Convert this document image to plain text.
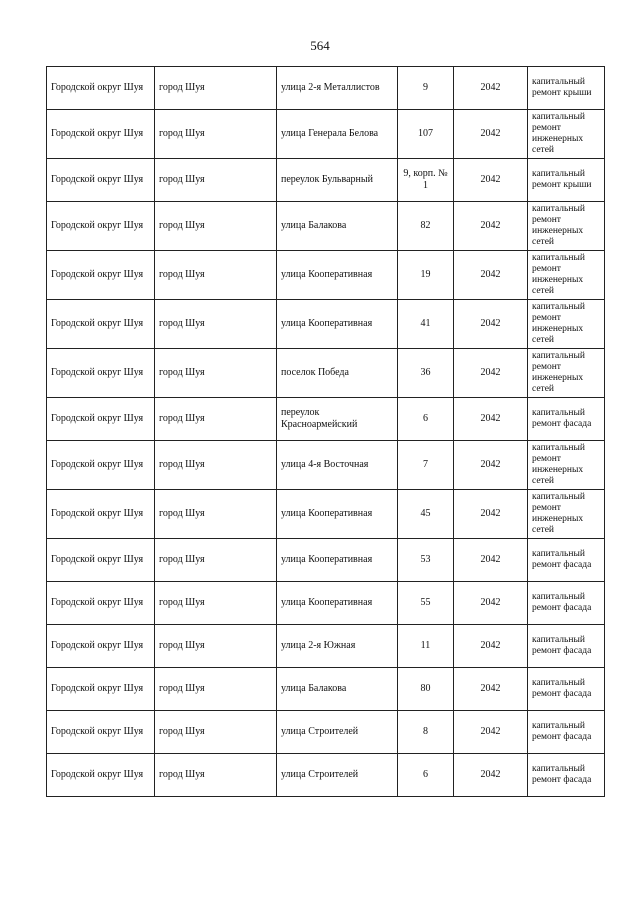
564
Городской округ Шуя	город Шуя	улица 2-я Металлистов	9	2042	капитальный ремонт крыши
Городской округ Шуя	город Шуя	улица Генерала Белова	107	2042	капитальный ремонт инженерных сетей
Городской округ Шуя	город Шуя	переулок Бульварный	9, корп. № 1	2042	капитальный ремонт крыши
Городской округ Шуя	город Шуя	улица Балакова	82	2042	капитальный ремонт инженерных сетей
Городской округ Шуя	город Шуя	улица Кооперативная	19	2042	капитальный ремонт инженерных сетей
Городской округ Шуя	город Шуя	улица Кооперативная	41	2042	капитальный ремонт инженерных сетей
Городской округ Шуя	город Шуя	поселок Победа	36	2042	капитальный ремонт инженерных сетей
Городской округ Шуя	город Шуя	переулок Красноармейский	6	2042	капитальный ремонт фасада
Городской округ Шуя	город Шуя	улица 4-я Восточная	7	2042	капитальный ремонт инженерных сетей
Городской округ Шуя	город Шуя	улица Кооперативная	45	2042	капитальный ремонт инженерных сетей
Городской округ Шуя	город Шуя	улица Кооперативная	53	2042	капитальный ремонт фасада
Городской округ Шуя	город Шуя	улица Кооперативная	55	2042	капитальный ремонт фасада
Городской округ Шуя	город Шуя	улица 2-я Южная	11	2042	капитальный ремонт фасада
Городской округ Шуя	город Шуя	улица Балакова	80	2042	капитальный ремонт фасада
Городской округ Шуя	город Шуя	улица Строителей	8	2042	капитальный ремонт фасада
Городской округ Шуя	город Шуя	улица Строителей	6	2042	капитальный ремонт фасада
